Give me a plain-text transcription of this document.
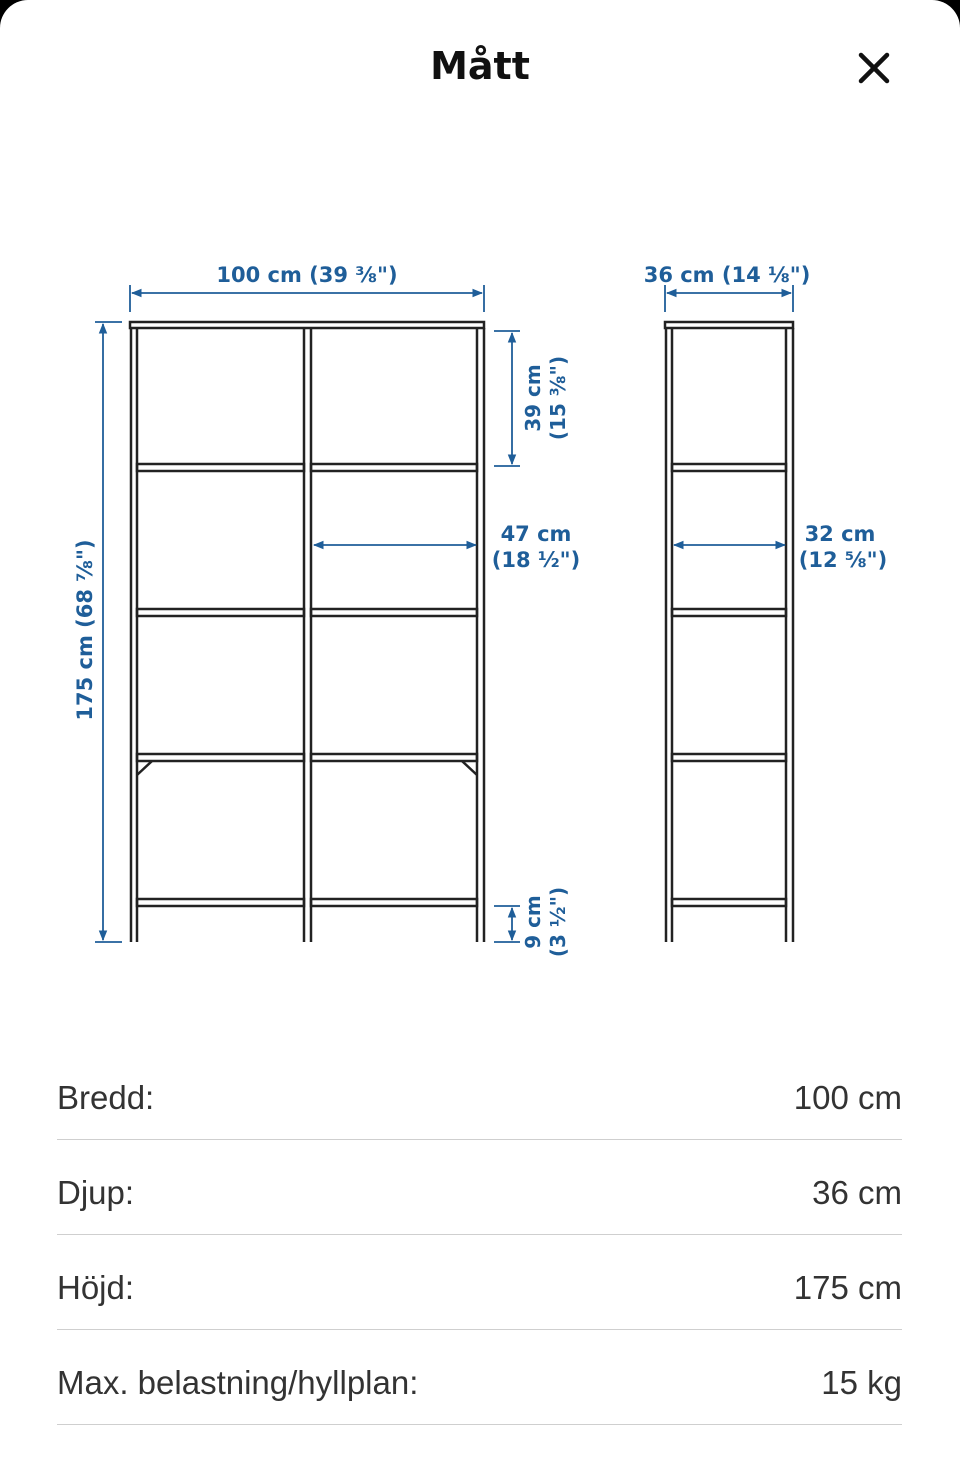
Mått
100 cm (39 ⅜")	36 cm (14 ⅛")
175 cm (68 ⅞")
39 cm (15 ⅜")
47 cm
(18 ½")
32 cm
(12 ⅝")
9 cm (3 ½")
Bredd:	100 cm
Djup:	36 cm
Höjd:	175 cm
Max. belastning/hyllplan:	15 kg
